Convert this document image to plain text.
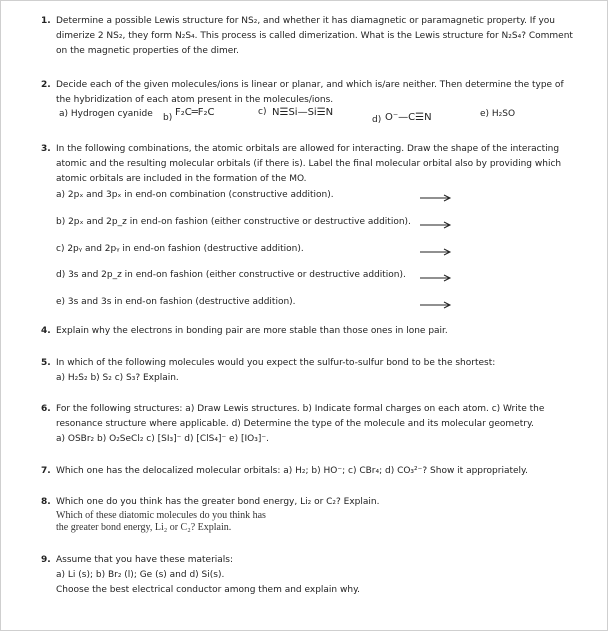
1. Determine a possible Lewis structure for NS₂, and whether it has diamagnetic or paramagnetic property. If you
dimerize 2 NS₂, they form N₂S₄. This process is called dimerization. What is the Lewis structure for N₂S₄? Comment
on the magnetic properties of the dimer.
2. Decide each of the given molecules/ions is linear or planar, and which is/are neither. Then determine the type of
the hybridization of each atom present in the molecules/ions.
a) Hydrogen cyanide b) F₂C═F₂C	c) N☰Si—Si☰N
d) O⁻—C☰N	e) H₂SO
3. In the following combinations, the atomic orbitals are allowed for interacting. Draw the shape of the interacting
atomic and the resulting molecular orbitals (if there is). Label the final molecular orbital also by providing which
atomic orbitals are included in the formation of the MO.
a) 2pₓ and 3pₓ in end-on combination (constructive addition).
b) 2pₓ and 2p_z in end-on fashion (either constructive or destructive addition).
c) 2pᵧ and 2pᵧ in end-on fashion (destructive addition).
d) 3s and 2p_z in end-on fashion (either constructive or destructive addition).
e) 3s and 3s in end-on fashion (destructive addition).
4. Explain why the electrons in bonding pair are more stable than those ones in lone pair.
5. In which of the following molecules would you expect the sulfur-to-sulfur bond to be the shortest:
a) H₂S₂ b) S₂ c) S₃? Explain.
6. For the following structures: a) Draw Lewis structures. b) Indicate formal charges on each atom. c) Write the
resonance structure where applicable. d) Determine the type of the molecule and its molecular geometry.
a) OSBr₂ b) O₂SeCl₂ c) [SI₃]⁻ d) [ClS₄]⁻ e) [IO₃]⁻.
7. Which one has the delocalized molecular orbitals: a) H₂; b) HO⁻; c) CBr₄; d) CO₃²⁻? Show it appropriately.
8. Which one do you think has the greater bond energy, Li₂ or C₂? Explain.
Which of these diatomic molecules do you think has
the greater bond energy, Li₂ or C₂? Explain.
9. Assume that you have these materials:
a) Li (s); b) Br₂ (l); Ge (s) and d) Si(s).
Choose the best electrical conductor among them and explain why.
